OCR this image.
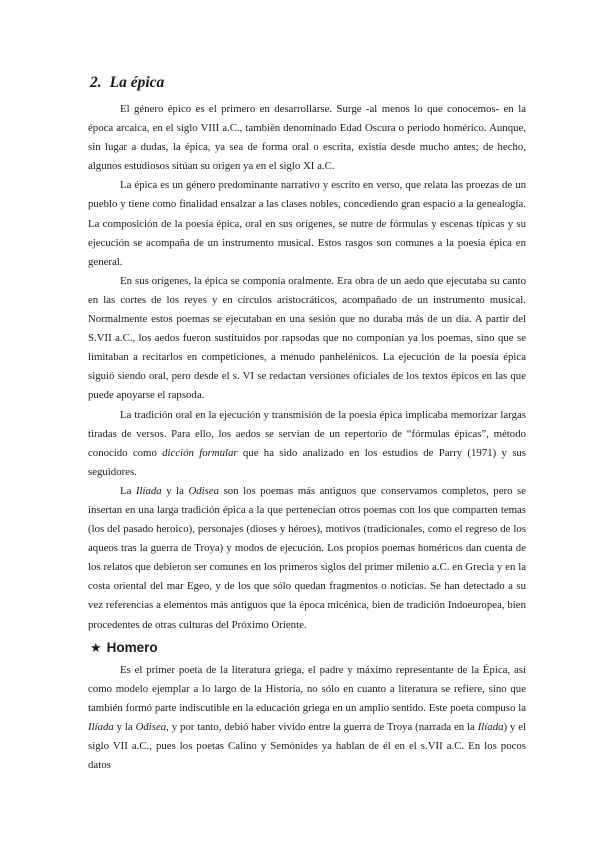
2. La épica

El género épico es el primero en desarrollarse. Surge -al menos lo que conocemos- en la época arcaica, en el siglo VIII a.C., también denominado Edad Oscura o periodo homérico. Aunque, sin lugar a dudas, la épica, ya sea de forma oral o escrita, existía desde mucho antes; de hecho, algunos estudiosos sitúan su origen ya en el siglo XI a.C.

La épica es un género predominante narrativo y escrito en verso, que relata las proezas de un pueblo y tiene como finalidad ensalzar a las clases nobles, concediendo gran espacio a la genealogía. La composición de la poesía épica, oral en sus orígenes, se nutre de fórmulas y escenas típicas y su ejecución se acompaña de un instrumento musical. Estos rasgos son comunes a la poesía épica en general.

En sus orígenes, la épica se componía oralmente. Era obra de un aedo que ejecutaba su canto en las cortes de los reyes y en círculos aristocráticos, acompañado de un instrumento musical. Normalmente estos poemas se ejecutaban en una sesión que no duraba más de un día. A partir del S.VII a.C., los aedos fueron sustituidos por rapsodas que no componían ya los poemas, sino que se limitaban a recitarlos en competiciones, a menudo panhelénicos. La ejecución de la poesía épica siguió siendo oral, pero desde el s. VI se redactan versiones oficiales de los textos épicos en las que puede apoyarse el rapsoda.

La tradición oral en la ejecución y transmisión de la poesía épica implicaba memorizar largas tiradas de versos. Para ello, los aedos se servían de un repertorio de “fórmulas épicas”, método conocido como dicción formular que ha sido analizado en los estudios de Parry (1971) y sus seguidores.

La Ilíada y la Odisea son los poemas más antiguos que conservamos completos, pero se insertan en una larga tradición épica a la que pertenecían otros poemas con los que comparten temas (los del pasado heroico), personajes (dioses y héroes), motivos (tradicionales, como el regreso de los aqueos tras la guerra de Troya) y modos de ejecución. Los propios poemas homéricos dan cuenta de los relatos que debieron ser comunes en los primeros siglos del primer milenio a.C. en Grecia y en la costa oriental del mar Egeo, y de los que sólo quedan fragmentos o noticias. Se han detectado a su vez referencias a elementos más antiguos que la época micénica, bien de tradición Indoeuropea, bien procedentes de otras culturas del Próximo Oriente.

★ Homero

Es el primer poeta de la literatura griega, el padre y máximo representante de la Épica, así como modelo ejemplar a lo largo de la Historia, no sólo en cuanto a literatura se refiere, sino que también formó parte indiscutible en la educación griega en un amplio sentido. Este poeta compuso la Ilíada y la Odisea, y por tanto, debió haber vivido entre la guerra de Troya (narrada en la Ilíada) y el siglo VII a.C., pues los poetas Calino y Semónides ya hablan de él en el s.VII a.C. En los pocos datos
